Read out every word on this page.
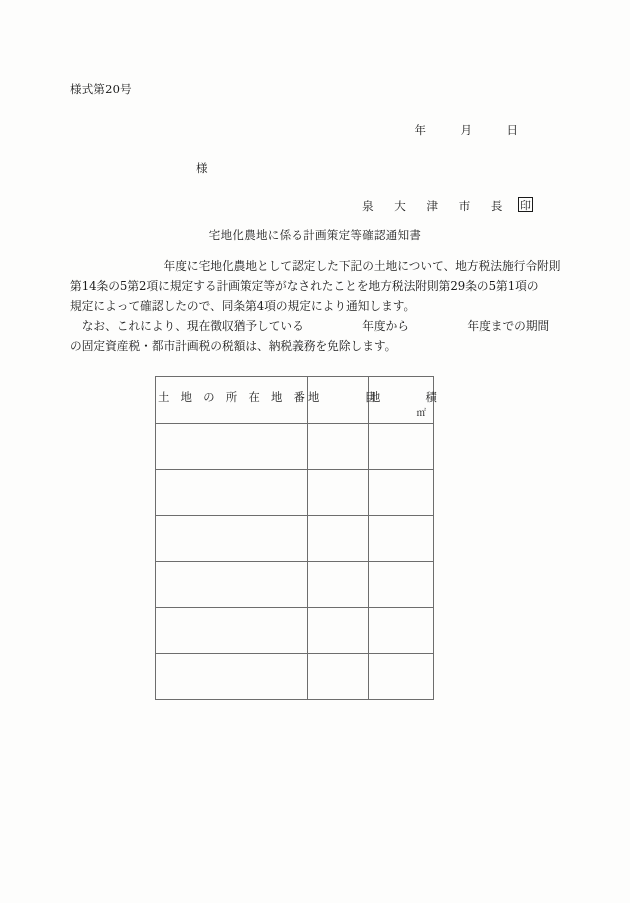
様式第20号
年　　　月　　　日
様
泉　大　津　市　長 印
宅地化農地に係る計画策定等確認通知書
　　　　　　　　年度に宅地化農地として認定した下記の土地について、地方税法施行令附則
第14条の5第2項に規定する計画策定等がなされたことを地方税法附則第29条の5第1項の
規定によって確認したので、同条第4項の規定により通知します。
　なお、これにより、現在徴収猶予している　　　　　年度から　　　　　年度までの期間
の固定資産税・都市計画税の税額は、納税義務を免除します。
土　地　の　所　在　地　番	地　　　　目	地　　　　積
㎡
